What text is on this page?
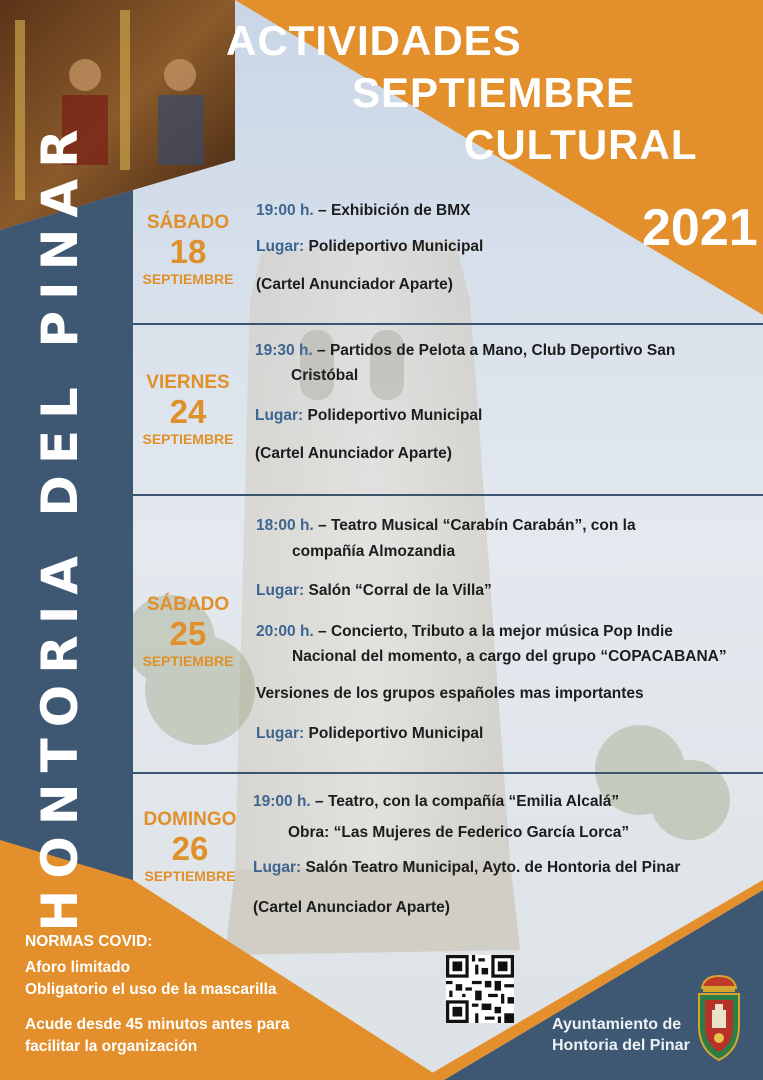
ACTIVIDADES
SEPTIEMBRE
CULTURAL
2021
HONTORIA DEL PINAR	SÁBADO
18
SEPTIEMBRE
19:00 h. – Exhibición de BMX
Lugar: Polideportivo Municipal
(Cartel Anunciador Aparte)
VIERNES
24
SEPTIEMBRE
19:30 h. – Partidos de Pelota a Mano, Club Deportivo San
Cristóbal
Lugar: Polideportivo Municipal
(Cartel Anunciador Aparte)
SÁBADO
25
SEPTIEMBRE
18:00 h. – Teatro Musical “Carabín Carabán”, con la
compañía Almozandia
Lugar: Salón “Corral de la Villa”
20:00 h. – Concierto, Tributo a la mejor música Pop Indie
Nacional del momento, a cargo del grupo “COPACABANA”
Versiones de los grupos españoles mas importantes
Lugar: Polideportivo Municipal
DOMINGO
26
SEPTIEMBRE
19:00 h. – Teatro, con la compañía “Emilia Alcalá”
Obra: “Las Mujeres de Federico García Lorca”
Lugar: Salón Teatro Municipal, Ayto. de Hontoria del Pinar
(Cartel Anunciador Aparte)
NORMAS COVID:
Aforo limitado
Obligatorio el uso de la mascarilla
Acude desde 45 minutos antes para
facilitar la organización
Ayuntamiento de
Hontoria del Pinar
